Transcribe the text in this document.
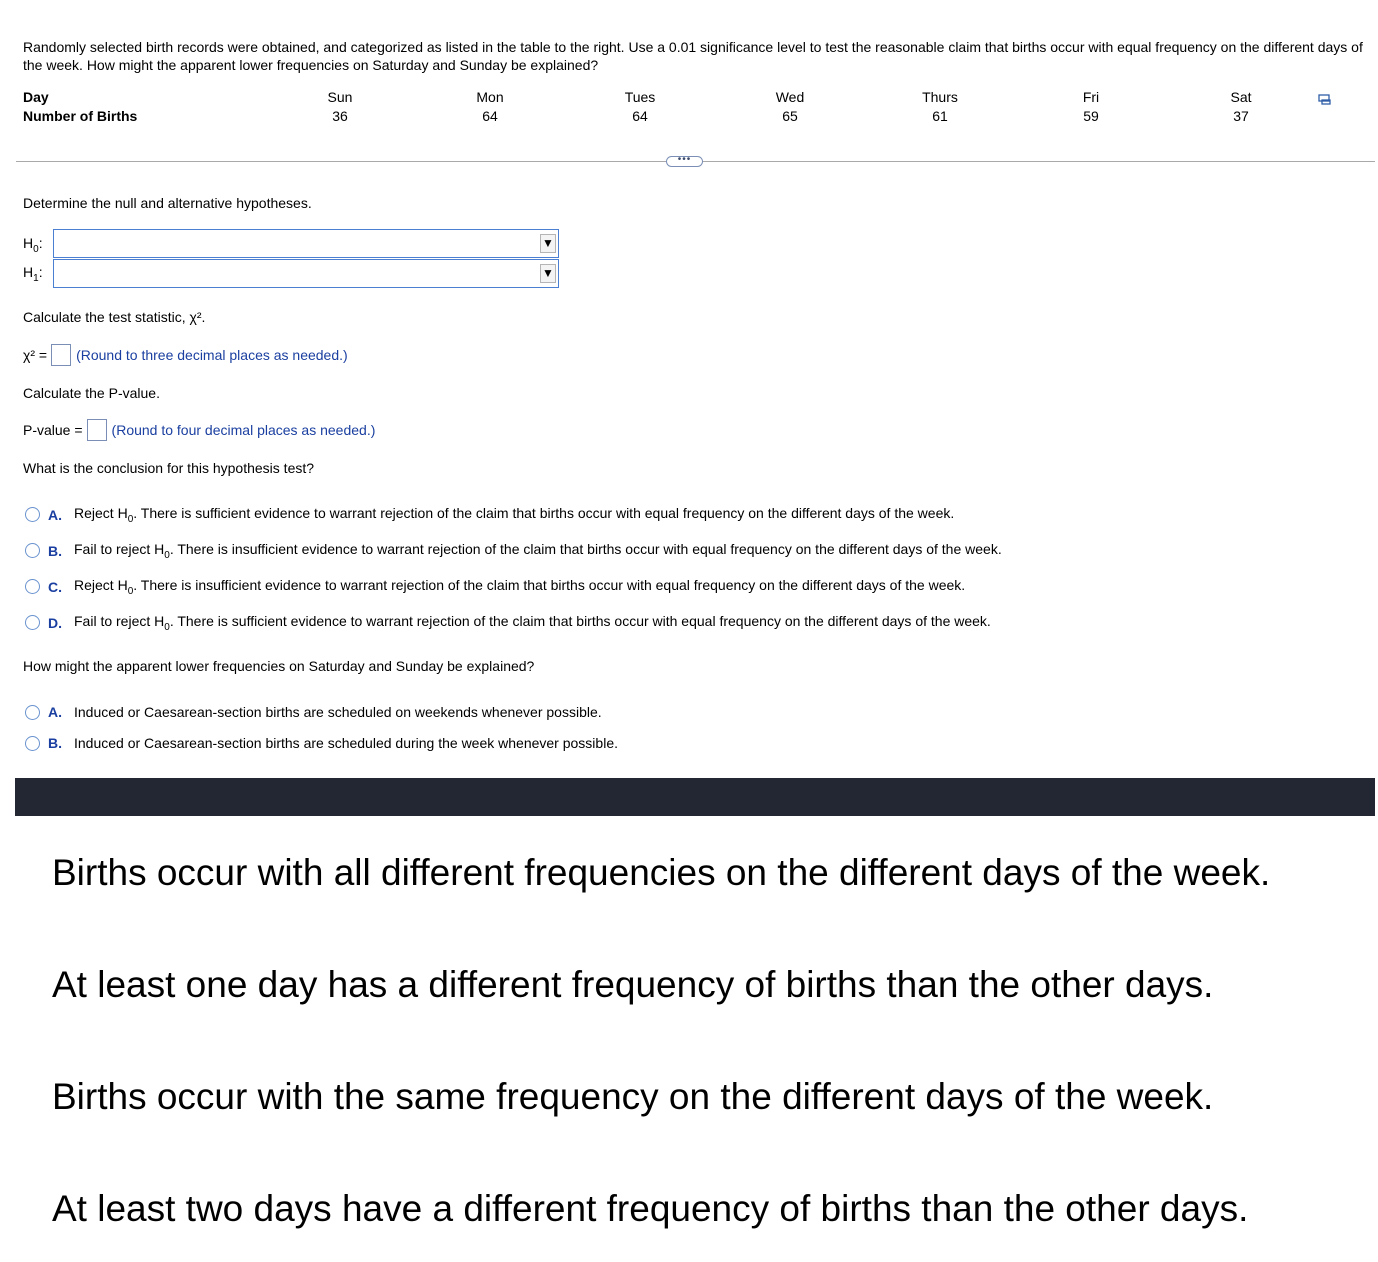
Randomly selected birth records were obtained, and categorized as listed in the table to the right. Use a 0.01 significance level to test the reasonable claim that births occur with equal frequency on the different days of the week. How might the apparent lower frequencies on Saturday and Sunday be explained?
Day	Sun	Mon	Tues	Wed	Thurs	Fri	Sat
Number of Births	36	64	64	65	61	59	37
•••
Determine the null and alternative hypotheses.
$H_0$:	▼
$H_1$:	▼
Calculate the test statistic, χ².
χ² = (Round to three decimal places as needed.)
Calculate the P-value.
P-value = (Round to four decimal places as needed.)
What is the conclusion for this hypothesis test?
A. Reject $H_0$. There is sufficient evidence to warrant rejection of the claim that births occur with equal frequency on the different days of the week.
B. Fail to reject $H_0$. There is insufficient evidence to warrant rejection of the claim that births occur with equal frequency on the different days of the week.
C. Reject $H_0$. There is insufficient evidence to warrant rejection of the claim that births occur with equal frequency on the different days of the week.
D. Fail to reject $H_0$. There is sufficient evidence to warrant rejection of the claim that births occur with equal frequency on the different days of the week.
How might the apparent lower frequencies on Saturday and Sunday be explained?
A. Induced or Caesarean-section births are scheduled on weekends whenever possible.
B. Induced or Caesarean-section births are scheduled during the week whenever possible.
Births occur with all different frequencies on the different days of the week.
At least one day has a different frequency of births than the other days.
Births occur with the same frequency on the different days of the week.
At least two days have a different frequency of births than the other days.
